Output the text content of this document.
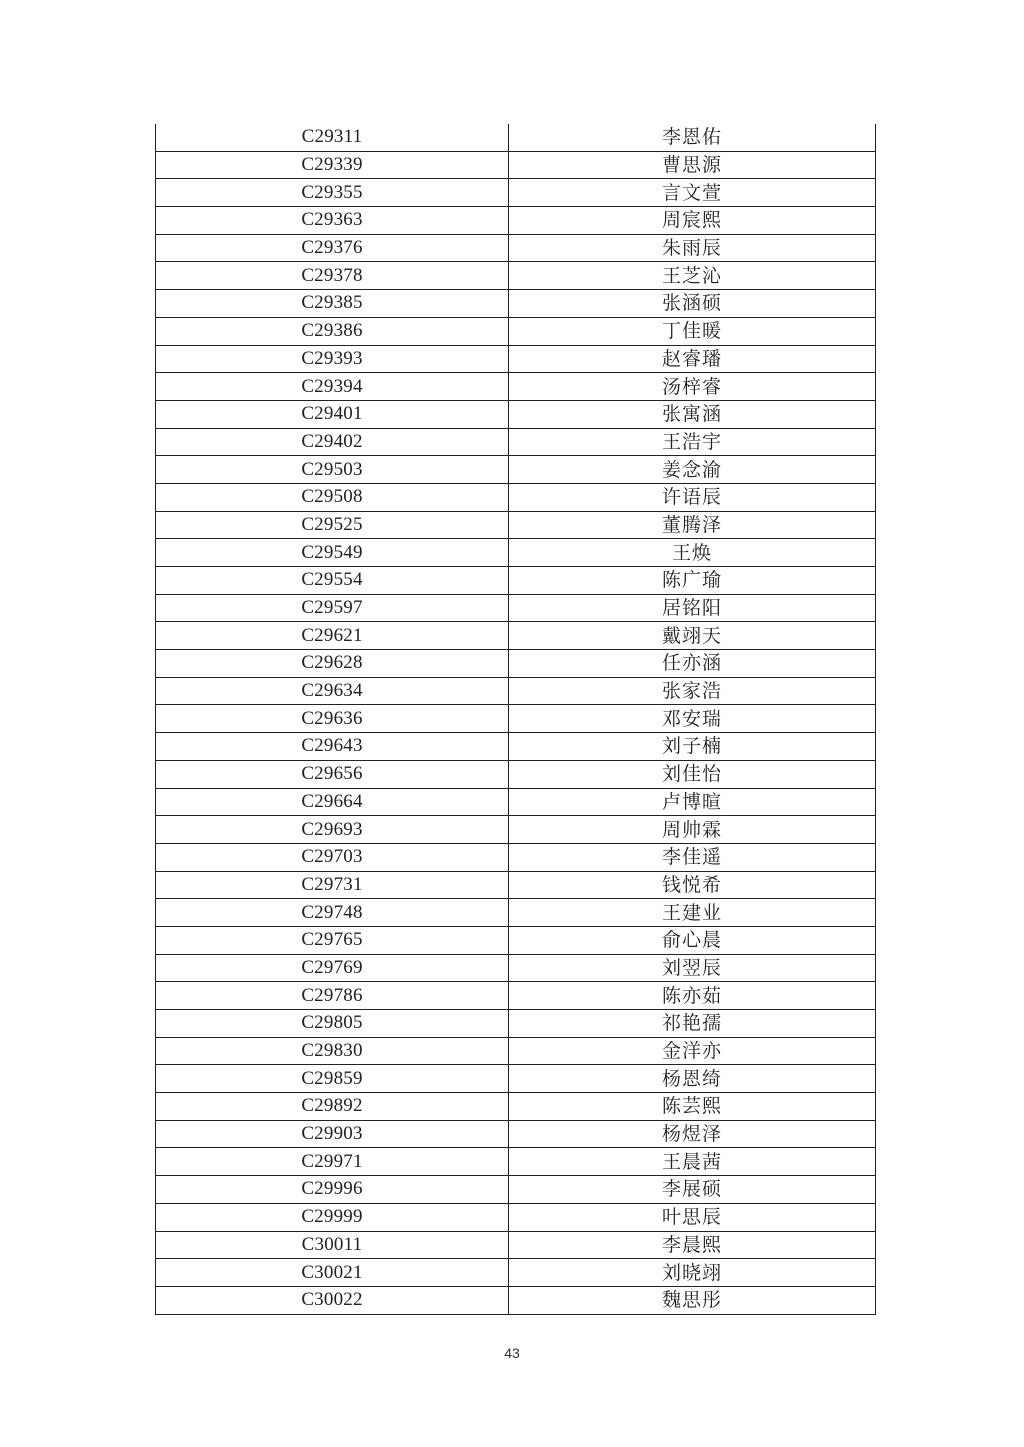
C29311	李恩佑
C29339	曹思源
C29355	言文萱
C29363	周宸熙
C29376	朱雨辰
C29378	王芝沁
C29385	张涵硕
C29386	丁佳暖
C29393	赵睿璠
C29394	汤梓睿
C29401	张寓涵
C29402	王浩宇
C29503	姜念渝
C29508	许语辰
C29525	董腾泽
C29549	王焕
C29554	陈广瑜
C29597	居铭阳
C29621	戴翊天
C29628	任亦涵
C29634	张家浩
C29636	邓安瑞
C29643	刘子楠
C29656	刘佳怡
C29664	卢博暄
C29693	周帅霖
C29703	李佳遥
C29731	钱悦希
C29748	王建业
C29765	俞心晨
C29769	刘翌辰
C29786	陈亦茹
C29805	祁艳孺
C29830	金洋亦
C29859	杨恩绮
C29892	陈芸熙
C29903	杨煜泽
C29971	王晨茜
C29996	李展硕
C29999	叶思辰
C30011	李晨熙
C30021	刘晓翊
C30022	魏思彤
43
